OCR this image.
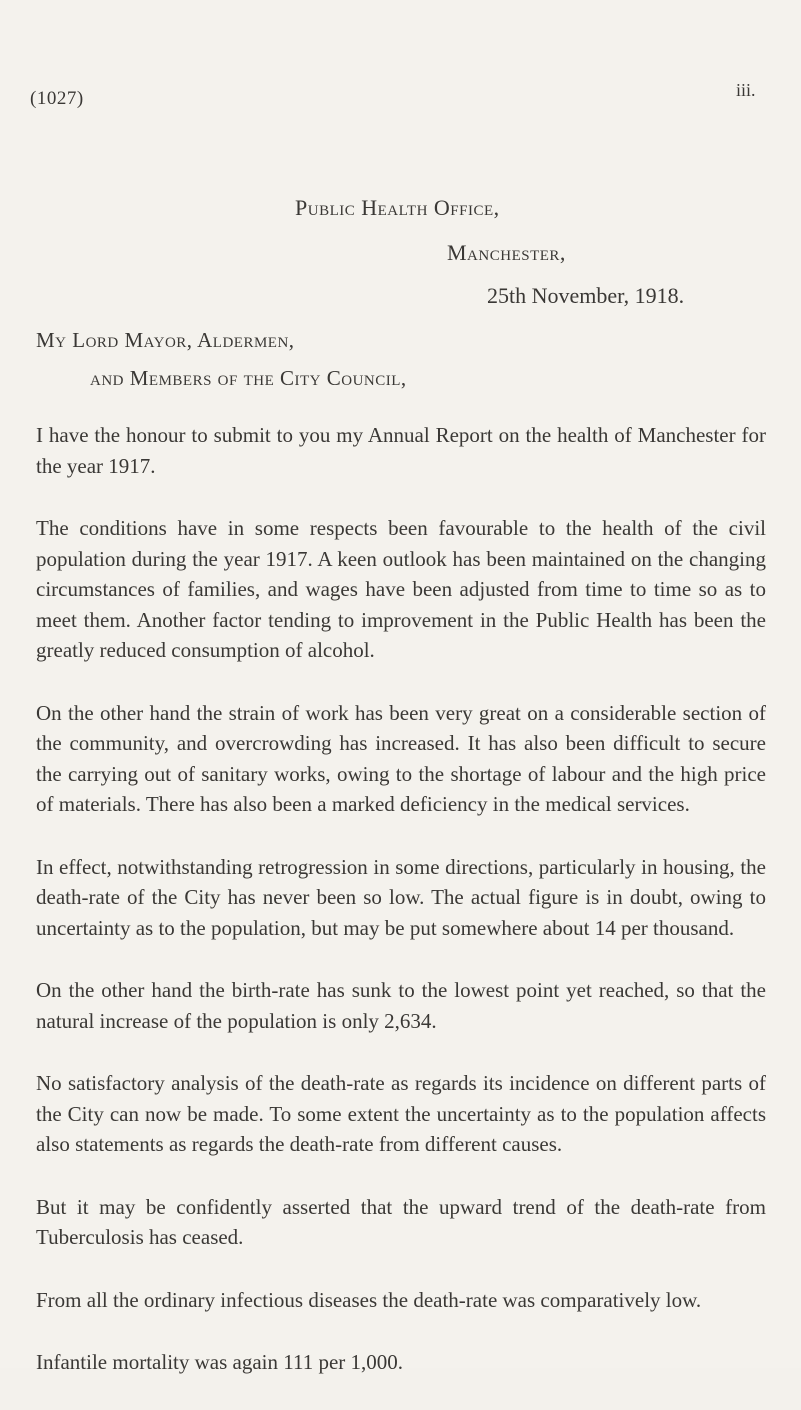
(1027)	iii.
Public Health Office,
Manchester,
25th November, 1918.
My Lord Mayor, Aldermen,
and Members of the City Council,

I have the honour to submit to you my Annual Report on the health of Manchester for the year 1917.

The conditions have in some respects been favourable to the health of the civil population during the year 1917. A keen outlook has been maintained on the changing circumstances of families, and wages have been adjusted from time to time so as to meet them. Another factor tending to improvement in the Public Health has been the greatly reduced consumption of alcohol.

On the other hand the strain of work has been very great on a considerable section of the community, and overcrowding has increased. It has also been difficult to secure the carrying out of sanitary works, owing to the shortage of labour and the high price of materials. There has also been a marked deficiency in the medical services.

In effect, notwithstanding retrogression in some directions, particularly in housing, the death-rate of the City has never been so low. The actual figure is in doubt, owing to uncertainty as to the population, but may be put somewhere about 14 per thousand.

On the other hand the birth-rate has sunk to the lowest point yet reached, so that the natural increase of the population is only 2,634.

No satisfactory analysis of the death-rate as regards its incidence on different parts of the City can now be made. To some extent the uncertainty as to the population affects also statements as regards the death-rate from different causes.

But it may be confidently asserted that the upward trend of the death-rate from Tuberculosis has ceased.

From all the ordinary infectious diseases the death-rate was comparatively low.

Infantile mortality was again 111 per 1,000.
